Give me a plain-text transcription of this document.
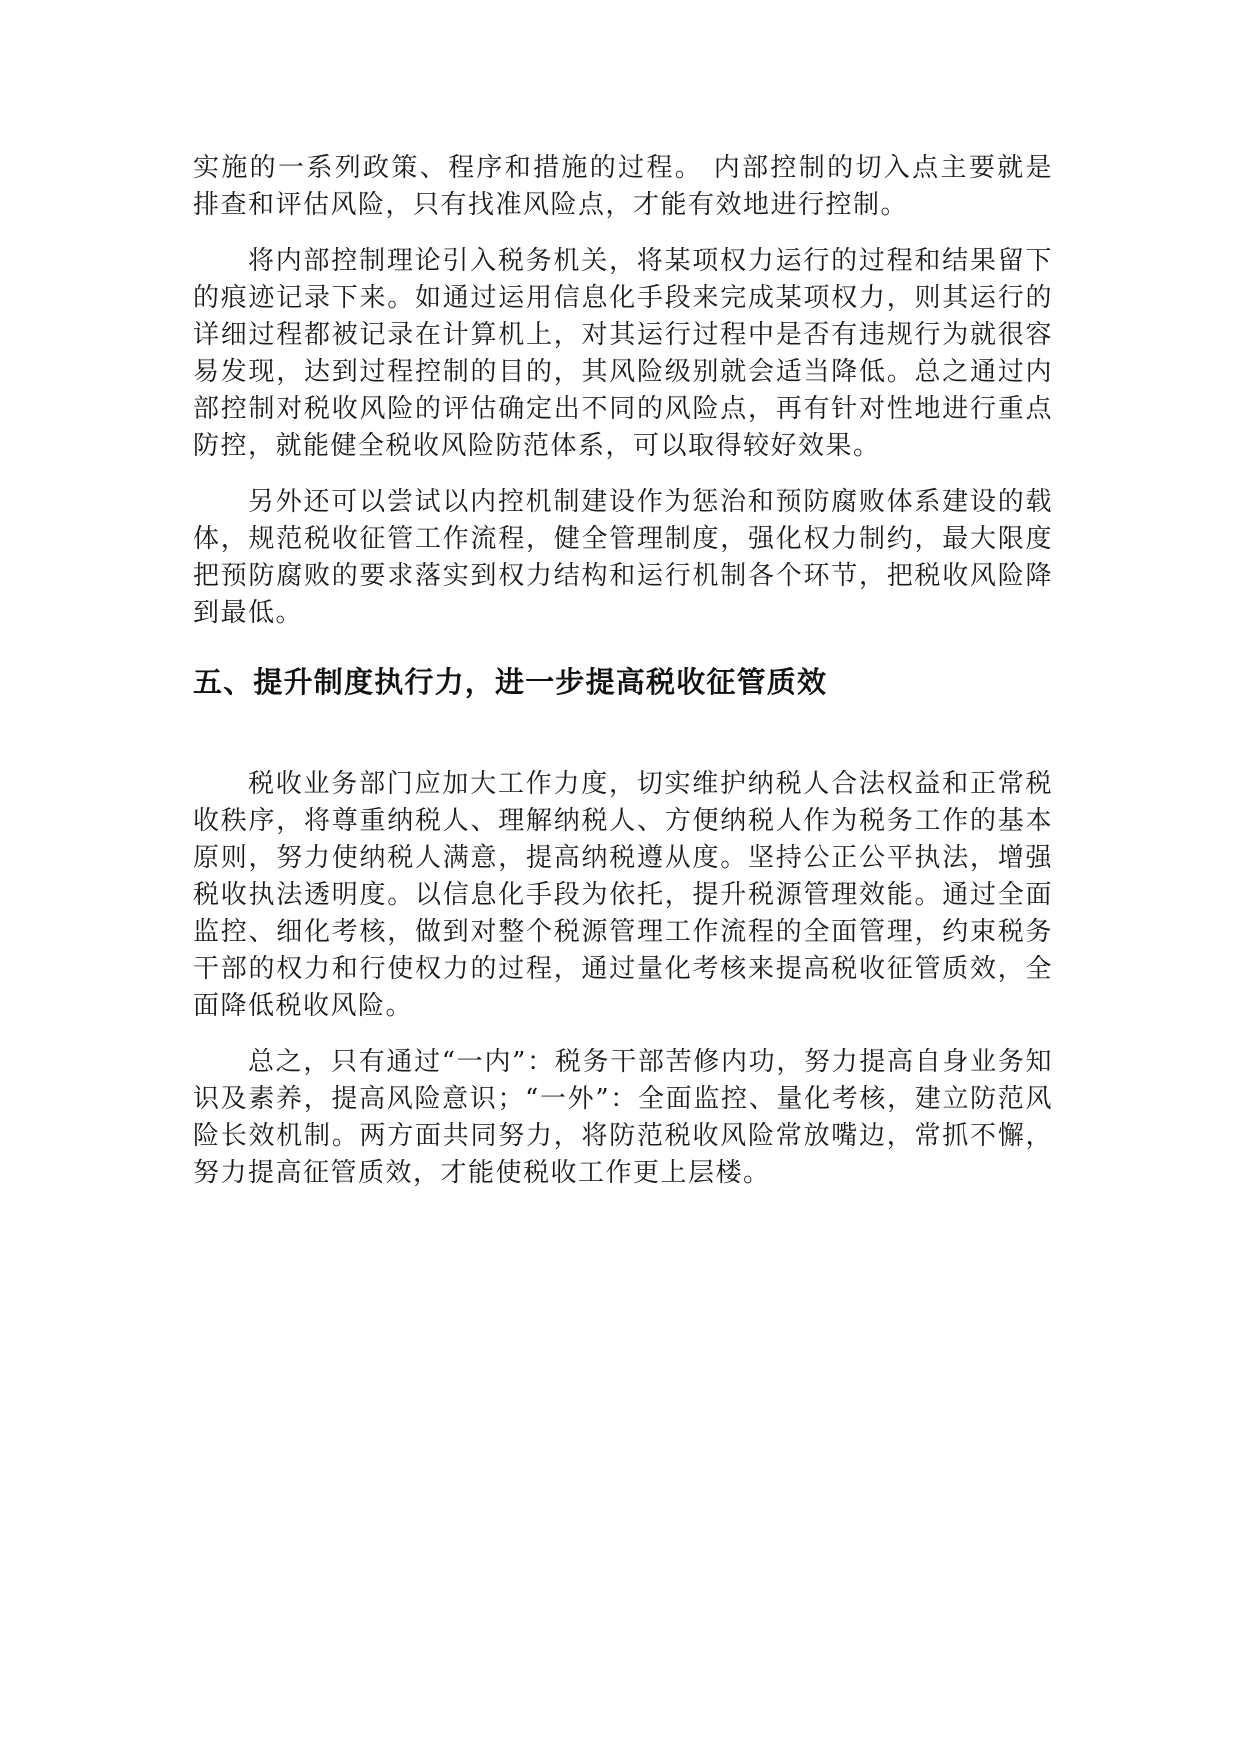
实施的一系列政策、程序和措施的过程。 内部控制的切入点主要就是排查和评估风险，只有找准风险点，才能有效地进行控制。

将内部控制理论引入税务机关，将某项权力运行的过程和结果留下的痕迹记录下来。如通过运用信息化手段来完成某项权力，则其运行的详细过程都被记录在计算机上，对其运行过程中是否有违规行为就很容易发现，达到过程控制的目的，其风险级别就会适当降低。总之通过内部控制对税收风险的评估确定出不同的风险点，再有针对性地进行重点防控，就能健全税收风险防范体系，可以取得较好效果。

另外还可以尝试以内控机制建设作为惩治和预防腐败体系建设的载体，规范税收征管工作流程，健全管理制度，强化权力制约，最大限度把预防腐败的要求落实到权力结构和运行机制各个环节，把税收风险降到最低。

五、提升制度执行力，进一步提高税收征管质效

税收业务部门应加大工作力度，切实维护纳税人合法权益和正常税收秩序，将尊重纳税人、理解纳税人、方便纳税人作为税务工作的基本原则，努力使纳税人满意，提高纳税遵从度。坚持公正公平执法，增强税收执法透明度。以信息化手段为依托，提升税源管理效能。通过全面监控、细化考核，做到对整个税源管理工作流程的全面管理，约束税务干部的权力和行使权力的过程，通过量化考核来提高税收征管质效，全面降低税收风险。

总之，只有通过“一内”：税务干部苦修内功，努力提高自身业务知识及素养，提高风险意识；“一外”：全面监控、量化考核，建立防范风险长效机制。两方面共同努力，将防范税收风险常放嘴边，常抓不懈，努力提高征管质效，才能使税收工作更上层楼。
